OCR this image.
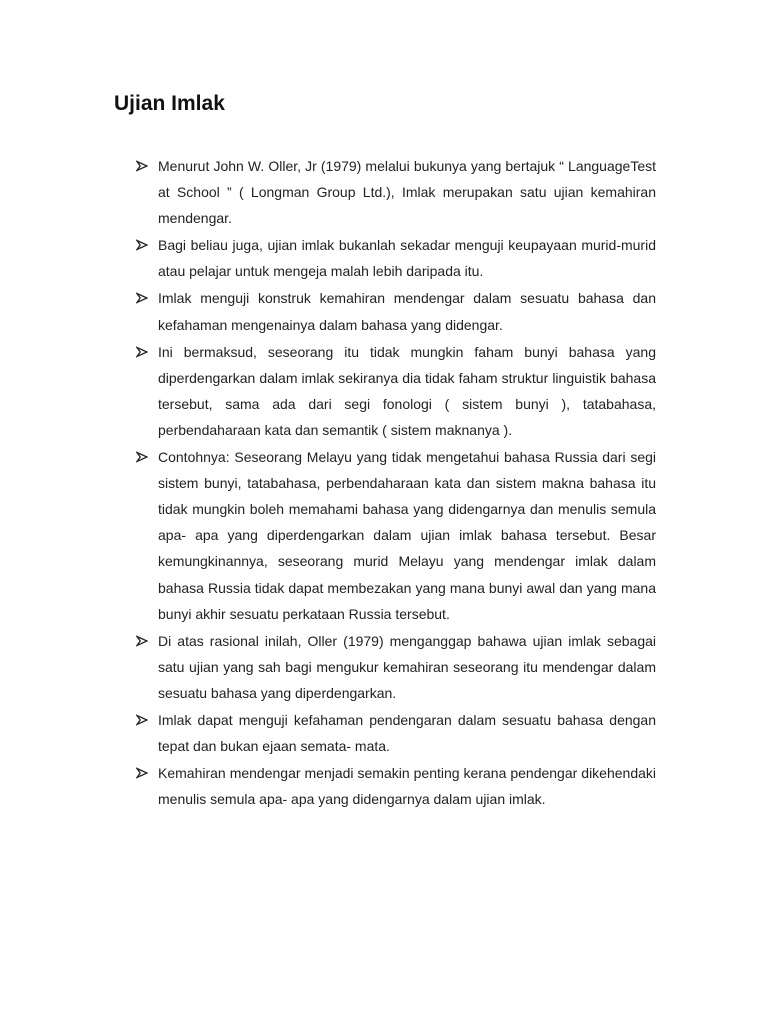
Ujian Imlak
Menurut John W. Oller, Jr (1979) melalui bukunya yang bertajuk “ LanguageTest at School ” ( Longman Group Ltd.), Imlak merupakan satu ujian kemahiran mendengar.
Bagi beliau juga, ujian imlak bukanlah sekadar menguji keupayaan murid-murid atau pelajar untuk mengeja malah lebih daripada itu.
Imlak menguji konstruk kemahiran mendengar dalam sesuatu bahasa dan kefahaman mengenainya dalam bahasa yang didengar.
Ini bermaksud, seseorang itu tidak mungkin faham bunyi bahasa yang diperdengarkan dalam imlak sekiranya dia tidak faham struktur linguistik bahasa tersebut, sama ada dari segi fonologi ( sistem bunyi ), tatabahasa, perbendaharaan kata dan semantik ( sistem maknanya ).
Contohnya: Seseorang Melayu yang tidak mengetahui bahasa Russia dari segi sistem bunyi, tatabahasa, perbendaharaan kata dan sistem makna bahasa itu tidak mungkin boleh memahami bahasa yang didengarnya dan menulis semula apa- apa yang diperdengarkan dalam ujian imlak bahasa tersebut. Besar kemungkinannya, seseorang murid Melayu yang mendengar imlak dalam bahasa Russia tidak dapat membezakan yang mana bunyi awal dan yang mana bunyi akhir sesuatu perkataan Russia tersebut.
Di atas rasional inilah, Oller (1979) menganggap bahawa ujian imlak sebagai satu ujian yang sah bagi mengukur kemahiran seseorang itu mendengar dalam sesuatu bahasa yang diperdengarkan.
Imlak dapat menguji kefahaman pendengaran dalam sesuatu bahasa dengan tepat dan bukan ejaan semata- mata.
Kemahiran mendengar menjadi semakin penting kerana pendengar dikehendaki menulis semula apa- apa yang didengarnya dalam ujian imlak.
